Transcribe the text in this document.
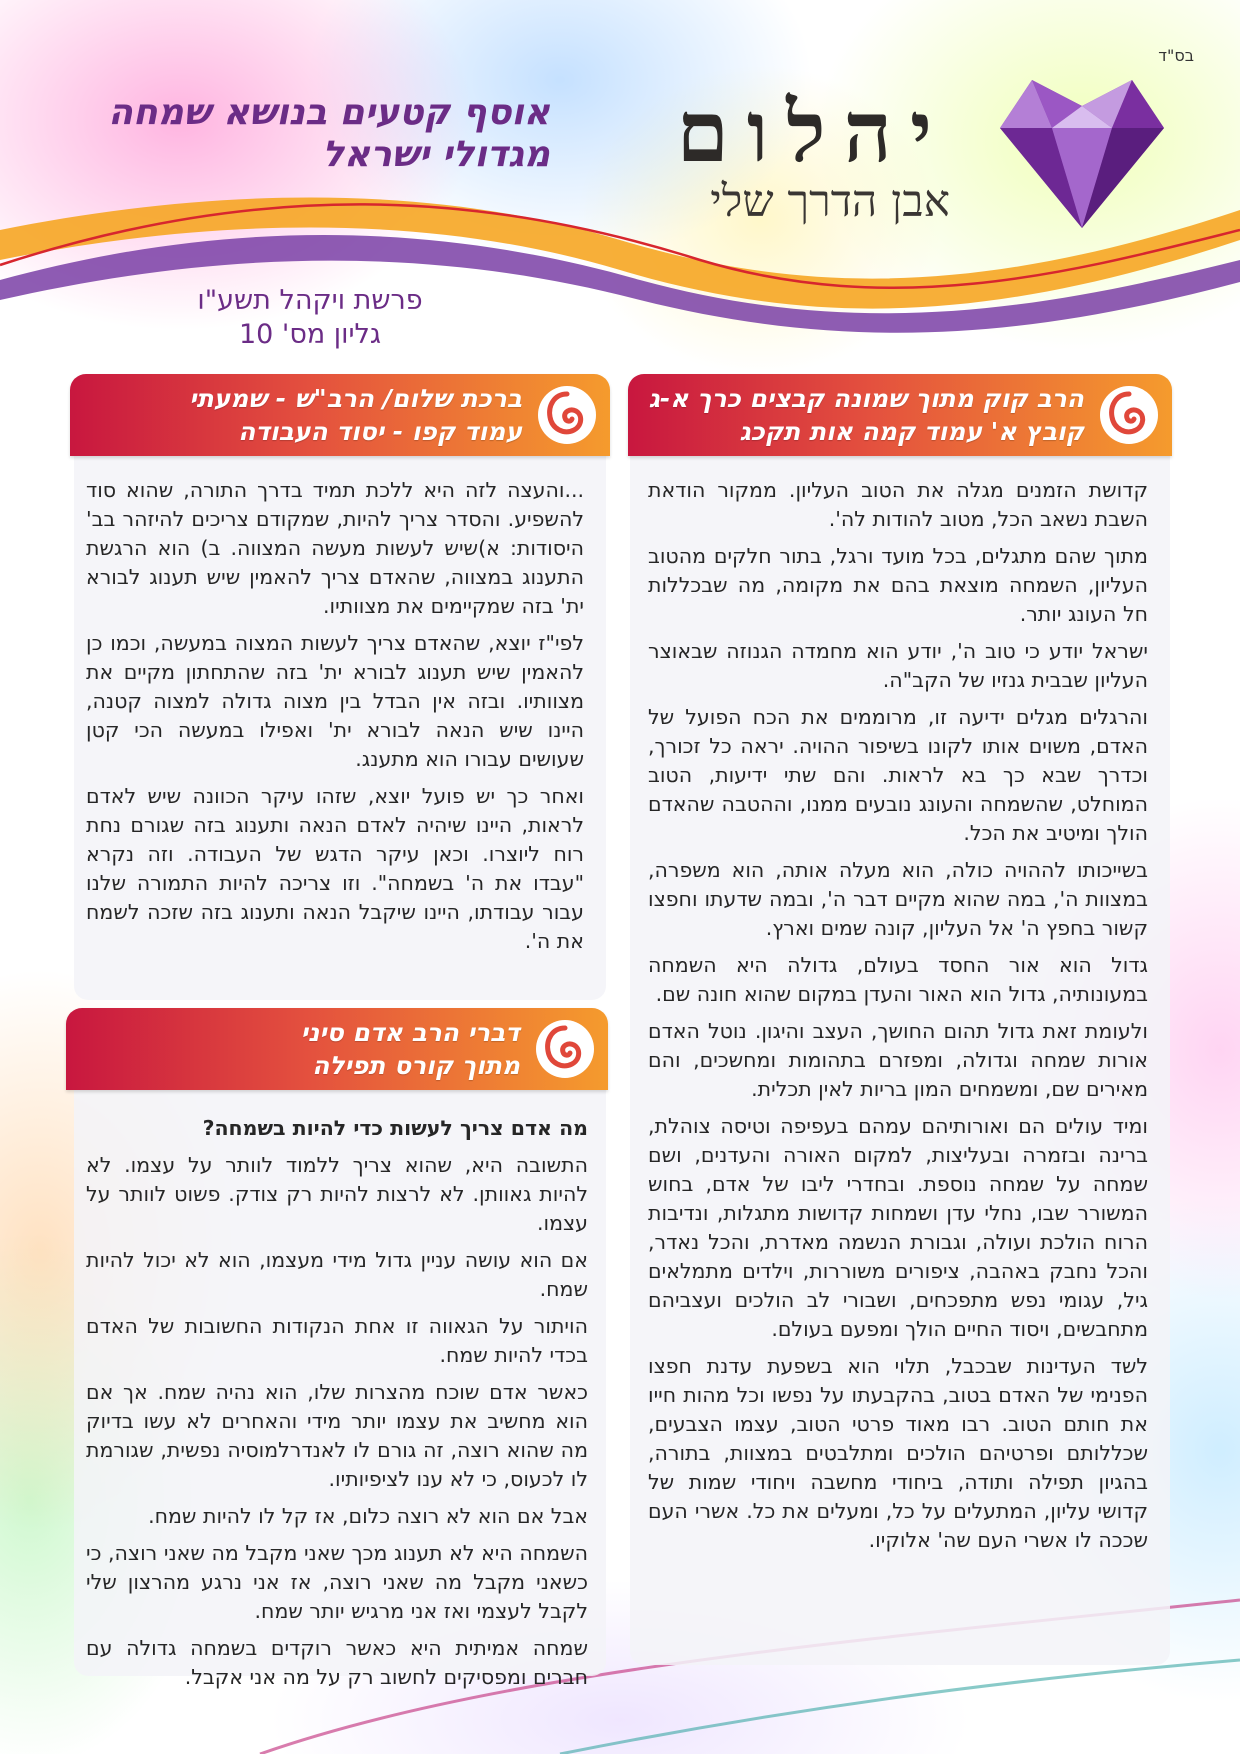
בס"ד
יהלום
אבן הדרך שלי
אוסף קטעים בנושא שמחה
מגדולי ישראל
פרשת ויקהל תשע"ו
גליון מס' 10
הרב קוק מתוך שמונה קבצים כרך א-ג
קובץ א' עמוד קמה אות תקכג
ברכת שלום/ הרב"ש - שמעתי
עמוד קפו - יסוד העבודה
דברי הרב אדם סיני
מתוך קורס תפילה

קדושת הזמנים מגלה את הטוב העליון. ממקור הודאת השבת נשאב הכל, מטוב להודות לה'.

מתוך שהם מתגלים, בכל מועד ורגל, בתור חלקים מהטוב העליון, השמחה מוצאת בהם את מקומה, מה שבכללות חל העונג יותר.

ישראל יודע כי טוב ה', יודע הוא מחמדה הגנוזה שבאוצר העליון שבבית גנזיו של הקב"ה.

והרגלים מגלים ידיעה זו, מרוממים את הכח הפועל של האדם, משוים אותו לקונו בשיפור ההויה. יראה כל זכורך, וכדרך שבא כך בא לראות. והם שתי ידיעות, הטוב המוחלט, שהשמחה והעונג נובעים ממנו, וההטבה שהאדם הולך ומיטיב את הכל.

בשייכותו לההויה כולה, הוא מעלה אותה, הוא משפרה, במצוות ה', במה שהוא מקיים דבר ה', ובמה שדעתו וחפצו קשור בחפץ ה' אל העליון, קונה שמים וארץ.

גדול הוא אור החסד בעולם, גדולה היא השמחה במעונותיה, גדול הוא האור והעדן במקום שהוא חונה שם.

ולעומת זאת גדול תהום החושך, העצב והיגון. נוטל האדם אורות שמחה וגדולה, ומפזרם בתהומות ומחשכים, והם מאירים שם, ומשמחים המון בריות לאין תכלית.

ומיד עולים הם ואורותיהם עמהם בעפיפה וטיסה צוהלת, ברינה ובזמרה ובעליצות, למקום האורה והעדנים, ושם שמחה על שמחה נוספת. ובחדרי ליבו של אדם, בחוש המשורר שבו, נחלי עדן ושמחות קדושות מתגלות, ונדיבות הרוח הולכת ועולה, וגבורת הנשמה מאדרת, והכל נאדר, והכל נחבק באהבה, ציפורים משוררות, וילדים מתמלאים גיל, עגומי נפש מתפכחים, ושבורי לב הולכים ועצביהם מתחבשים, ויסוד החיים הולך ומפעם בעולם.

לשד העדינות שבכבל, תלוי הוא בשפעת עדנת חפצו הפנימי של האדם בטוב, בהקבעתו על נפשו וכל מהות חייו את חותם הטוב. רבו מאוד פרטי הטוב, עצמו הצבעים, שכללותם ופרטיהם הולכים ומתלבטים במצוות, בתורה, בהגיון תפילה ותודה, ביחודי מחשבה ויחודי שמות של קדושי עליון, המתעלים על כל, ומעלים את כל. אשרי העם שככה לו אשרי העם שה' אלוקיו.

...והעצה לזה היא ללכת תמיד בדרך התורה, שהוא סוד להשפיע. והסדר צריך להיות, שמקודם צריכים להיזהר בב' היסודות: א)שיש לעשות מעשה המצווה. ב) הוא הרגשת התענוג במצווה, שהאדם צריך להאמין שיש תענוג לבורא ית' בזה שמקיימים את מצוותיו.

לפי"ז יוצא, שהאדם צריך לעשות המצוה במעשה, וכמו כן להאמין שיש תענוג לבורא ית' בזה שהתחתון מקיים את מצוותיו. ובזה אין הבדל בין מצוה גדולה למצוה קטנה, היינו שיש הנאה לבורא ית' ואפילו במעשה הכי קטן שעושים עבורו הוא מתענג.

ואחר כך יש פועל יוצא, שזהו עיקר הכוונה שיש לאדם לראות, היינו שיהיה לאדם הנאה ותענוג בזה שגורם נחת רוח ליוצרו. וכאן עיקר הדגש של העבודה. וזה נקרא "עבדו את ה' בשמחה". וזו צריכה להיות התמורה שלנו עבור עבודתו, היינו שיקבל הנאה ותענוג בזה שזכה לשמח את ה'.

מה אדם צריך לעשות כדי להיות בשמחה?

התשובה היא, שהוא צריך ללמוד לוותר על עצמו. לא להיות גאוותן. לא לרצות להיות רק צודק. פשוט לוותר על עצמו.

אם הוא עושה עניין גדול מידי מעצמו, הוא לא יכול להיות שמח.

הויתור על הגאווה זו אחת הנקודות החשובות של האדם בכדי להיות שמח.

כאשר אדם שוכח מהצרות שלו, הוא נהיה שמח. אך אם הוא מחשיב את עצמו יותר מידי והאחרים לא עשו בדיוק מה שהוא רוצה, זה גורם לו לאנדרלמוסיה נפשית, שגורמת לו לכעוס, כי לא ענו לציפיותיו.

אבל אם הוא לא רוצה כלום, אז קל לו להיות שמח.

השמחה היא לא תענוג מכך שאני מקבל מה שאני רוצה, כי כשאני מקבל מה שאני רוצה, אז אני נרגע מהרצון שלי לקבל לעצמי ואז אני מרגיש יותר שמח.

שמחה אמיתית היא כאשר רוקדים בשמחה גדולה עם חברים ומפסיקים לחשוב רק על מה אני אקבל.
